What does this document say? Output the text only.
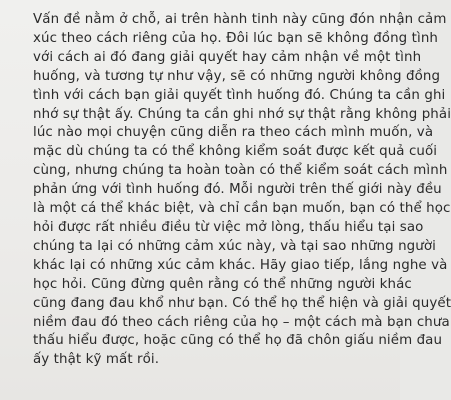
Vấn đề nằm ở chỗ, ai trên hành tinh này cũng đón nhận cảm
xúc theo cách riêng của họ. Đôi lúc bạn sẽ không đồng tình
với cách ai đó đang giải quyết hay cảm nhận về một tình
huống, và tương tự như vậy, sẽ có những người không đồng
tình với cách bạn giải quyết tình huống đó. Chúng ta cần ghi
nhớ sự thật ấy. Chúng ta cần ghi nhớ sự thật rằng không phải
lúc nào mọi chuyện cũng diễn ra theo cách mình muốn, và
mặc dù chúng ta có thể không kiểm soát được kết quả cuối
cùng, nhưng chúng ta hoàn toàn có thể kiểm soát cách mình
phản ứng với tình huống đó. Mỗi người trên thế giới này đều
là một cá thể khác biệt, và chỉ cần bạn muốn, bạn có thể học
hỏi được rất nhiều điều từ việc mở lòng, thấu hiểu tại sao
chúng ta lại có những cảm xúc này, và tại sao những người
khác lại có những xúc cảm khác. Hãy giao tiếp, lắng nghe và
học hỏi. Cũng đừng quên rằng có thể những người khác
cũng đang đau khổ như bạn. Có thể họ thể hiện và giải quyết
niềm đau đó theo cách riêng của họ – một cách mà bạn chưa
thấu hiểu được, hoặc cũng có thể họ đã chôn giấu niềm đau
ấy thật kỹ mất rồi.
